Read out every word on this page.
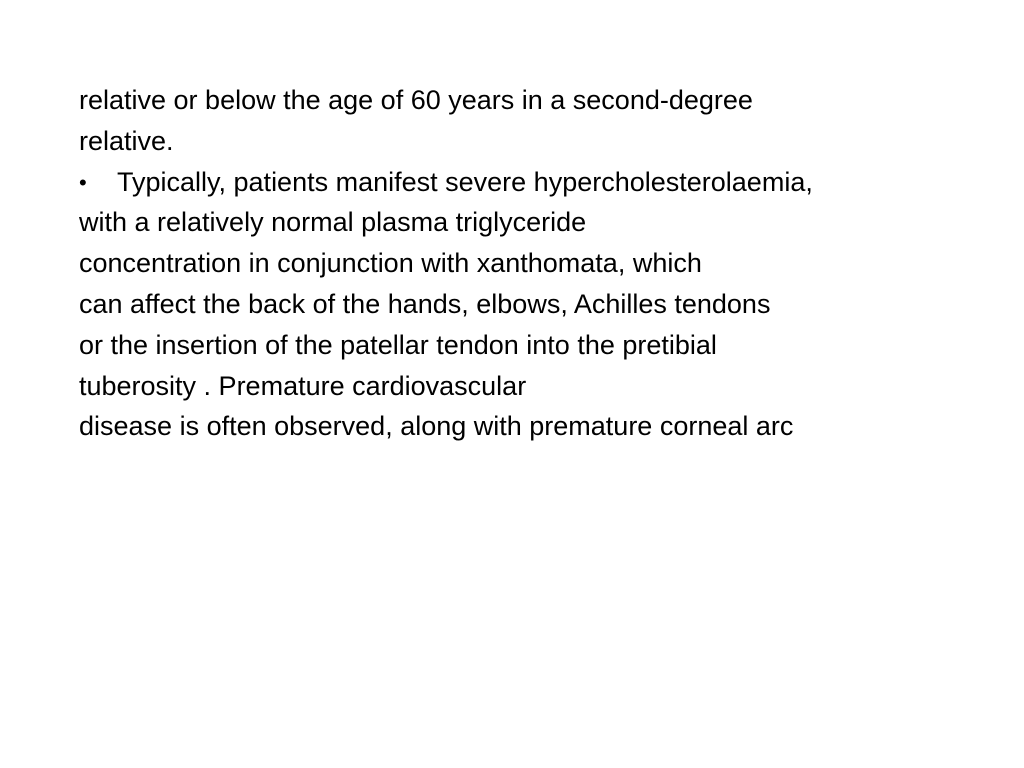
relative or below the age of 60 years in a second-degree
relative.
• Typically, patients manifest severe hypercholesterolaemia,
with a relatively normal plasma triglyceride
concentration in conjunction with xanthomata, which
can affect the back of the hands, elbows, Achilles tendons
or the insertion of the patellar tendon into the pretibial
tuberosity . Premature cardiovascular
disease is often observed, along with premature corneal arc
